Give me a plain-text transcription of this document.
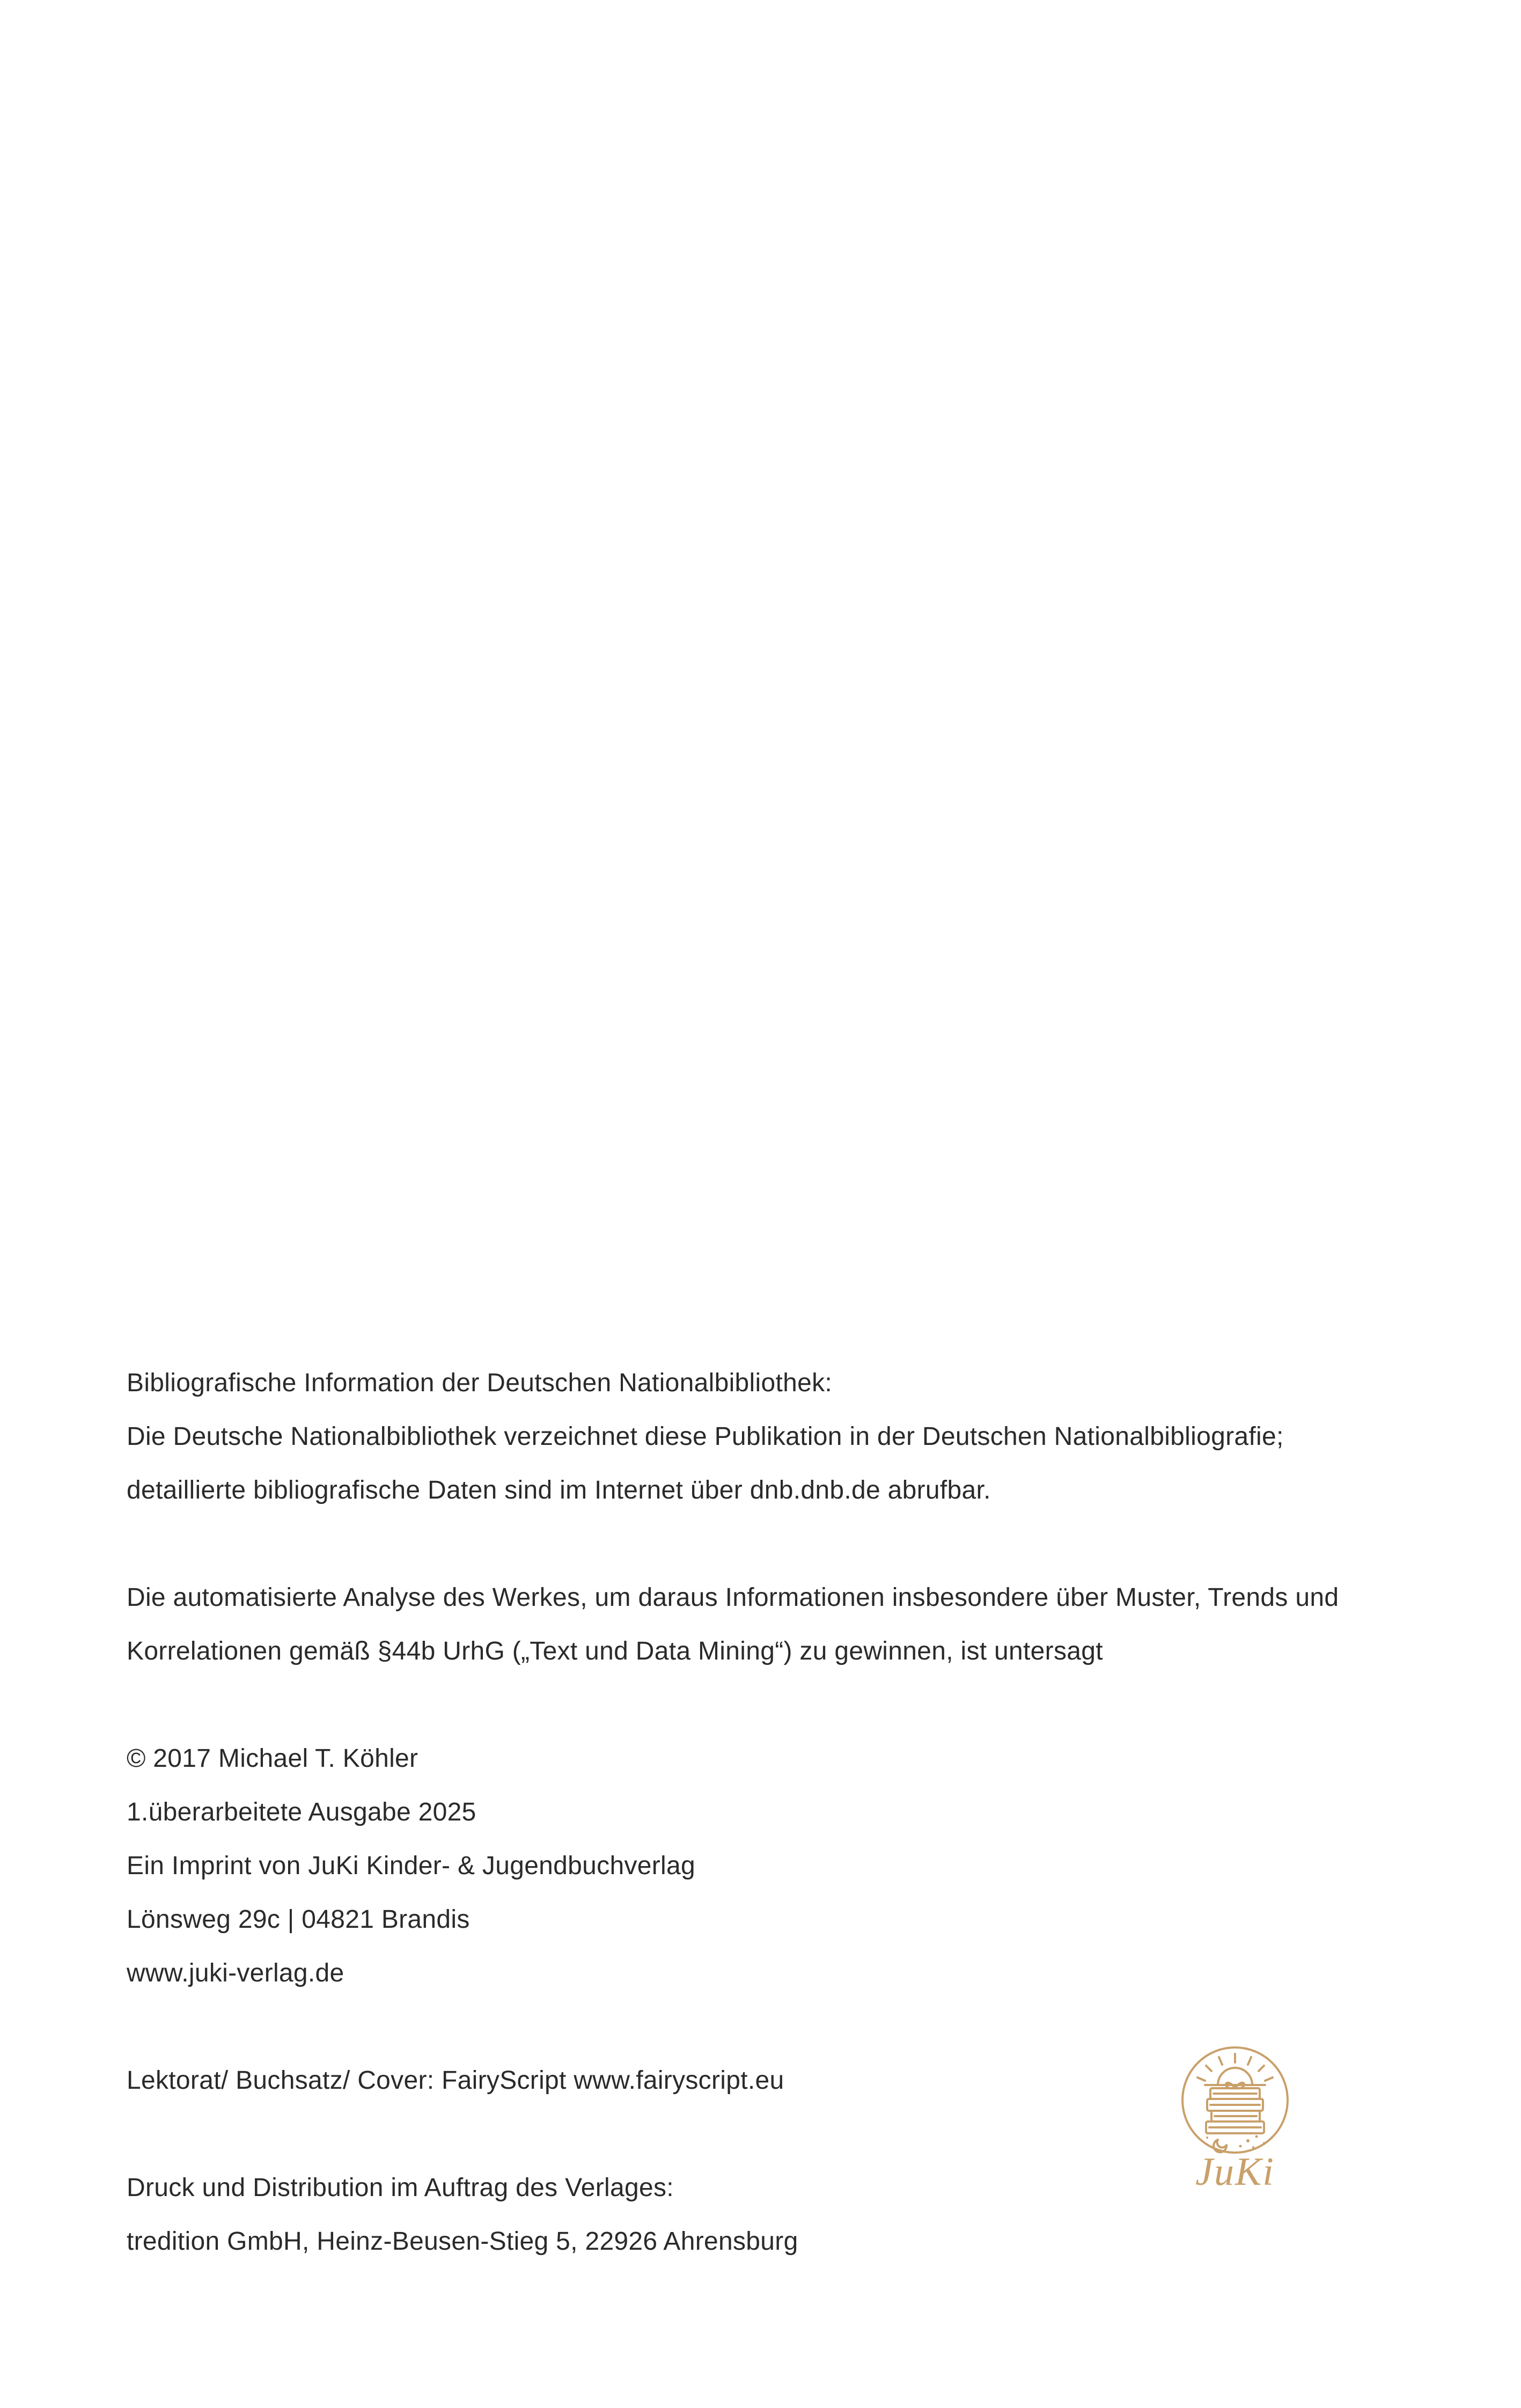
Bibliografische Information der Deutschen Nationalbibliothek:
Die Deutsche Nationalbibliothek verzeichnet diese Publikation in der Deutschen Nationalbibliografie;
detaillierte bibliografische Daten sind im Internet über dnb.dnb.de abrufbar.
Die automatisierte Analyse des Werkes, um daraus Informationen insbesondere über Muster, Trends und
Korrelationen gemäß §44b UrhG („Text und Data Mining“) zu gewinnen, ist untersagt
© 2017 Michael T. Köhler
1.überarbeitete Ausgabe 2025
Ein Imprint von JuKi Kinder- & Jugendbuchverlag
Lönsweg 29c | 04821 Brandis
www.juki-verlag.de
Lektorat/ Buchsatz/ Cover: FairyScript www.fairyscript.eu
Druck und Distribution im Auftrag des Verlages:
tredition GmbH, Heinz-Beusen-Stieg 5, 22926 Ahrensburg
JuKi
